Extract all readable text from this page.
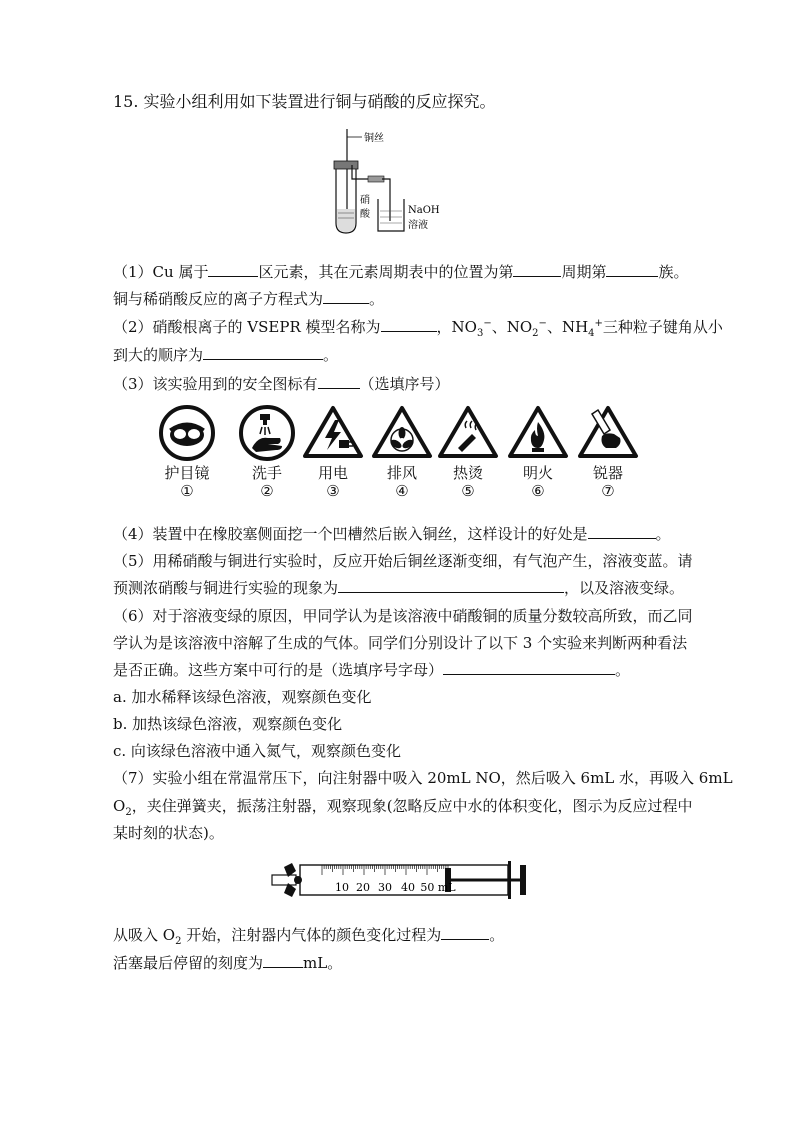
15. 实验小组利用如下装置进行铜与硝酸的反应探究。
铜丝
硝
酸	NaOH
溶液
（1）Cu 属于	区元素，其在元素周期表中的位置为第	周期第	族。
铜与稀硝酸反应的离子方程式为	。
（2）硝酸根离子的 VSEPR 模型名称为	，$NO_3^-$、$NO_2^-$、$NH_4^+$三种粒子键角从小
到大的顺序为	。
（3）该实验用到的安全图标有	（选填序号）
护目镜
①
洗手
②
用电
③
排风
④
热烫
⑤
明火
⑥
锐器
⑦
（4）装置中在橡胶塞侧面挖一个凹槽然后嵌入铜丝，这样设计的好处是	。
（5）用稀硝酸与铜进行实验时，反应开始后铜丝逐渐变细，有气泡产生，溶液变蓝。请
预测浓硝酸与铜进行实验的现象为	，以及溶液变绿。
（6）对于溶液变绿的原因，甲同学认为是该溶液中硝酸铜的质量分数较高所致，而乙同
学认为是该溶液中溶解了生成的气体。同学们分别设计了以下 3 个实验来判断两种看法
是否正确。这些方案中可行的是（选填序号字母）	。
a. 加水稀释该绿色溶液，观察颜色变化
b. 加热该绿色溶液，观察颜色变化
c. 向该绿色溶液中通入氮气，观察颜色变化
（7）实验小组在常温常压下，向注射器中吸入 20mL NO，然后吸入 6mL 水，再吸入 6mL
$O_2$，夹住弹簧夹，振荡注射器，观察现象(忽略反应中水的体积变化，图示为反应过程中
某时刻的状态)。
10 20 30 40 50 mL
从吸入 $O_2$ 开始，注射器内气体的颜色变化过程为	。
活塞最后停留的刻度为	mL。
